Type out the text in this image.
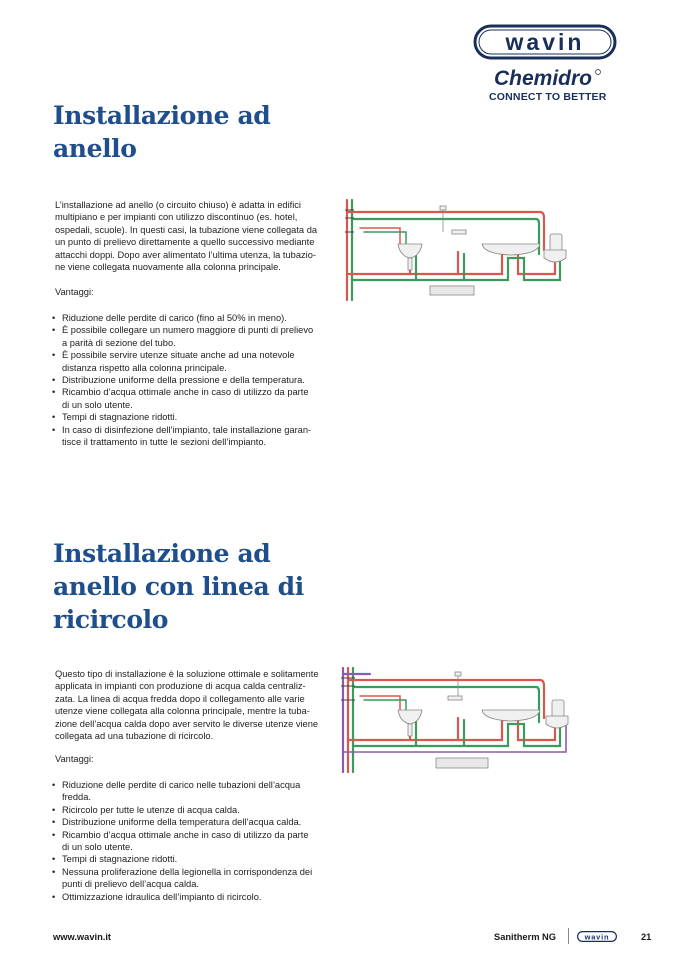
wavin
Chemidro
CONNECT TO BETTER
Installazione ad
anello
L’installazione ad anello (o circuito chiuso) è adatta in edifici
multipiano e per impianti con utilizzo discontinuo (es. hotel,
ospedali, scuole). In questi casi, la tubazione viene collegata da
un punto di prelievo direttamente a quello successivo mediante
attacchi doppi. Dopo aver alimentato l’ultima utenza, la tubazio-
ne viene collegata nuovamente alla colonna principale.
Vantaggi:
• Riduzione delle perdite di carico (fino al 50% in meno).
• È possibile collegare un numero maggiore di punti di prelievo
a parità di sezione del tubo.
• È possibile servire utenze situate anche ad una notevole
distanza rispetto alla colonna principale.
• Distribuzione uniforme della pressione e della temperatura.
• Ricambio d’acqua ottimale anche in caso di utilizzo da parte
di un solo utente.
• Tempi di stagnazione ridotti.
• In caso di disinfezione dell’impianto, tale installazione garan-
tisce il trattamento in tutte le sezioni dell’impianto.
Installazione ad
anello con linea di
ricircolo
Questo tipo di installazione è la soluzione ottimale e solitamente
applicata in impianti con produzione di acqua calda centraliz-
zata. La linea di acqua fredda dopo il collegamento alle varie
utenze viene collegata alla colonna principale, mentre la tuba-
zione dell’acqua calda dopo aver servito le diverse utenze viene
collegata ad una tubazione di ricircolo.
Vantaggi:
• Riduzione delle perdite di carico nelle tubazioni dell’acqua
fredda.
• Ricircolo per tutte le utenze di acqua calda.
• Distribuzione uniforme della temperatura dell’acqua calda.
• Ricambio d’acqua ottimale anche in caso di utilizzo da parte
di un solo utente.
• Tempi di stagnazione ridotti.
• Nessuna proliferazione della legionella in corrispondenza dei
punti di prelievo dell’acqua calda.
• Ottimizzazione idraulica dell’impianto di ricircolo.
www.wavin.it	Sanitherm NG	wavin	21
